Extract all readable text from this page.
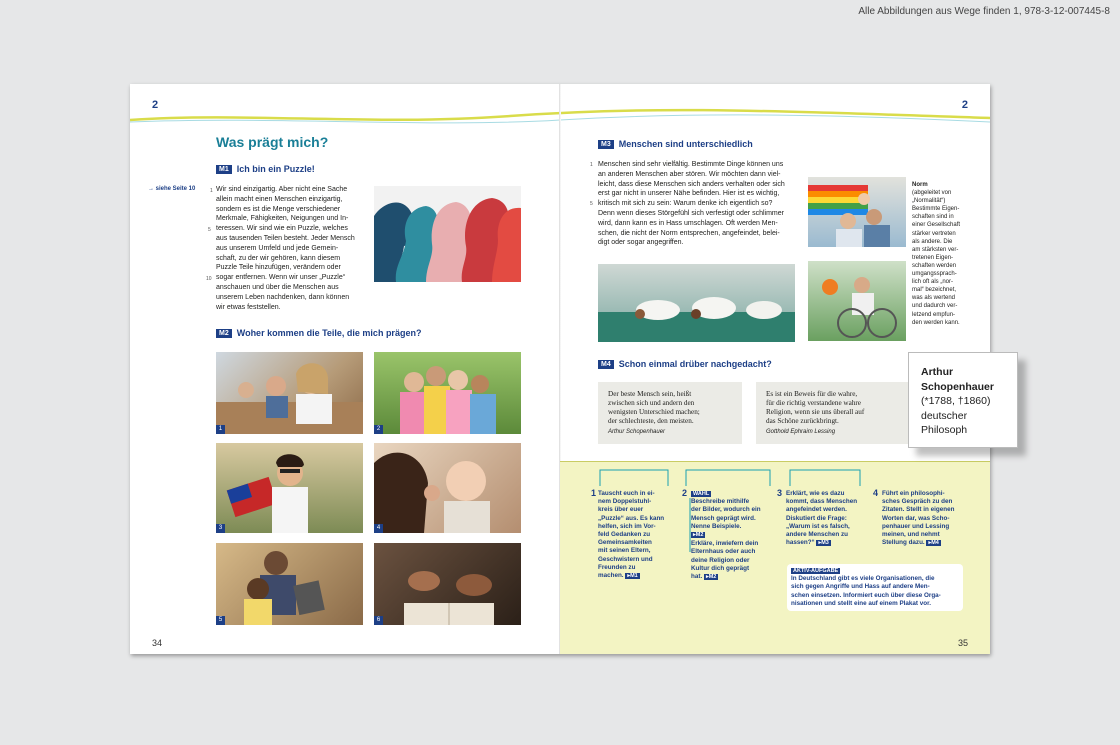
Alle Abbildungen aus Wege finden 1, 978-3-12-007445-8
2
Was prägt mich?
M1 Ich bin ein Puzzle!
→ siehe Seite 10	1
5
10
Wir sind einzigartig. Aber nicht eine Sache
allein macht einen Menschen einzigartig,
sondern es ist die Menge verschiedener
Merkmale, Fähigkeiten, Neigungen und In-
teressen. Wir sind wie ein Puzzle, welches
aus tausenden Teilen besteht. Jeder Mensch
aus unserem Umfeld und jede Gemein-
schaft, zu der wir gehören, kann diesem
Puzzle Teile hinzufügen, verändern oder
sogar entfernen. Wenn wir unser „Puzzle“
anschauen und über die Menschen aus
unserem Leben nachdenken, dann können
wir etwas feststellen.
M2 Woher kommen die Teile, die mich prägen?
1	2
3	4
5	6
34
2
M3 Menschen sind unterschiedlich
1
5
Menschen sind sehr vielfältig. Bestimmte Dinge können uns
an anderen Menschen aber stören. Wir möchten dann viel-
leicht, dass diese Menschen sich anders verhalten oder sich
erst gar nicht in unserer Nähe befinden. Hier ist es wichtig,
kritisch mit sich zu sein: Warum denke ich eigentlich so?
Denn wenn dieses Störgefühl sich verfestigt oder schlimmer
wird, dann kann es in Hass umschlagen. Oft werden Men-
schen, die nicht der Norm entsprechen, angefeindet, belei-
digt oder sogar angegriffen.
Norm
(abgeleitet von
„Normalität“)
Bestimmte Eigen-
schaften sind in
einer Gesellschaft
stärker vertreten
als andere. Die
am stärksten ver-
tretenen Eigen-
schaften werden
umgangssprach-
lich oft als „nor-
mal“ bezeichnet,
was als wertend
und dadurch ver-
letzend empfun-
den werden kann.
M4 Schon einmal drüber nachgedacht?
Der beste Mensch sein, heißt
zwischen sich und andern den
wenigsten Unterschied machen;
der schlechteste, den meisten.
Arthur Schopenhauer
Es ist ein Beweis für die wahre,
für die richtig verstandene wahre
Religion, wenn sie uns überall auf
das Schöne zurückbringt.
Gotthold Ephraim Lessing
1 Tauscht euch in ei-
nem Doppelstuhl-
kreis über euer
„Puzzle“ aus. Es kann
helfen, sich im Vor-
feld Gedanken zu
Gemeinsamkeiten
mit seinen Eltern,
Geschwistern und
Freunden zu
machen. ▸M1
2	WAHL
Beschreibe mithilfe
der Bilder, wodurch ein
Mensch geprägt wird.
Nenne Beispiele.
▸M2
Erkläre, inwiefern dein
Elternhaus oder auch
deine Religion oder
Kultur dich geprägt
hat. ▸M2
3 Erklärt, wie es dazu
kommt, dass Menschen
angefeindet werden.
Diskutiert die Frage:
„Warum ist es falsch,
andere Menschen zu
hassen?“ ▸M3
4 Führt ein philosophi-
sches Gespräch zu den
Zitaten. Stellt in eigenen
Worten dar, was Scho-
penhauer und Lessing
meinen, und nehmt
Stellung dazu. ▸M4
AKTIV-AUFGABE
In Deutschland gibt es viele Organisationen, die
sich gegen Angriffe und Hass auf andere Men-
schen einsetzen. Informiert euch über diese Orga-
nisationen und stellt eine auf einem Plakat vor.
35
Arthur
Schopenhauer
(*1788, †1860)
deutscher
Philosoph
